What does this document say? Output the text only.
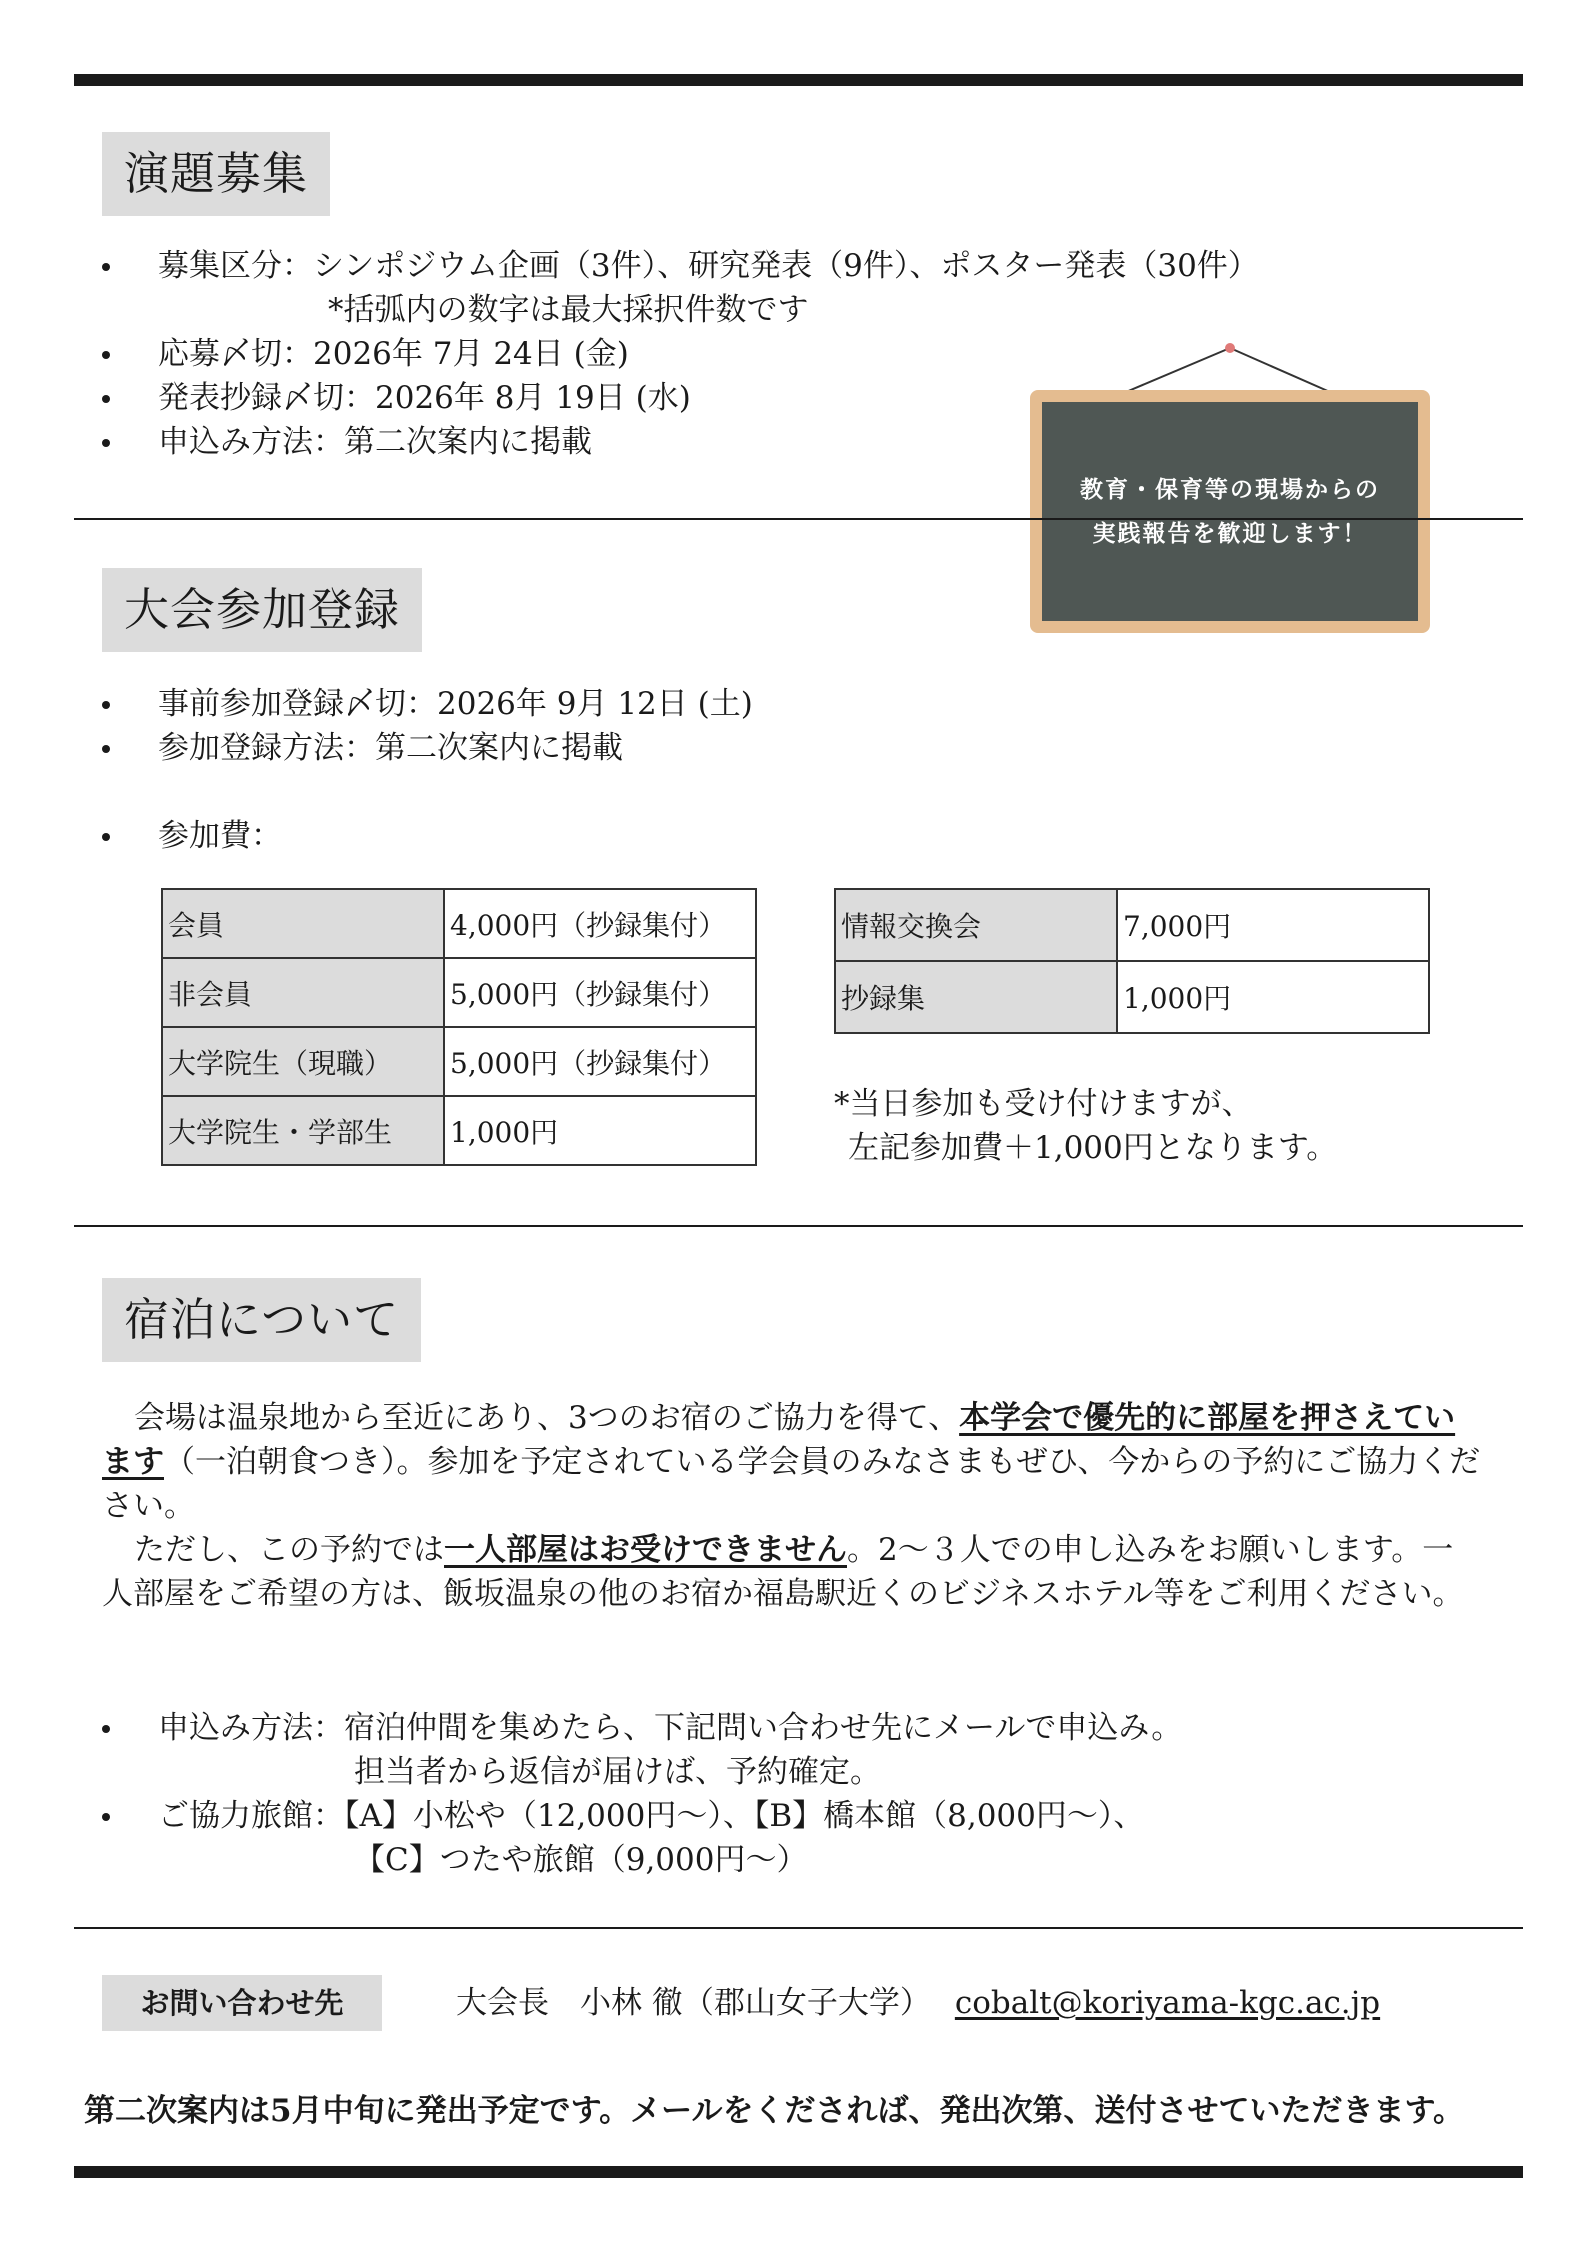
演題募集
募集区分：シンポジウム企画（3件）、研究発表（9件）、ポスター発表（30件）
*括弧内の数字は最大採択件数です
応募〆切：2026年 7月 24日 (金)
発表抄録〆切：2026年 8月 19日 (水)
申込み方法：第二次案内に掲載
教育・保育等の現場からの
実践報告を歓迎します！
大会参加登録
事前参加登録〆切：2026年 9月 12日 (土)
参加登録方法：第二次案内に掲載
参加費：
会員	4,000円（抄録集付）
非会員	5,000円（抄録集付）
大学院生（現職）	5,000円（抄録集付）
大学院生・学部生	1,000円
情報交換会	7,000円
抄録集	1,000円
*当日参加も受け付けますが、
左記参加費＋1,000円となります。
宿泊について

会場は温泉地から至近にあり、3つのお宿のご協力を得て、本学会で優先的に部屋を押さえています（一泊朝食つき）。参加を予定されている学会員のみなさまもぜひ、今からの予約にご協力ください。

ただし、この予約では一人部屋はお受けできません。2～３人での申し込みをお願いします。一人部屋をご希望の方は、飯坂温泉の他のお宿か福島駅近くのビジネスホテル等をご利用ください。

申込み方法：宿泊仲間を集めたら、下記問い合わせ先にメールで申込み。
担当者から返信が届けば、予約確定。
ご協力旅館：【A】小松や（12,000円～）、【B】橋本館（8,000円～）、
【C】つたや旅館（9,000円～）
お問い合わせ先	大会長　小林 徹（郡山女子大学） cobalt@koriyama-kgc.ac.jp
第二次案内は5月中旬に発出予定です。メールをくだされば、発出次第、送付させていただきます。
